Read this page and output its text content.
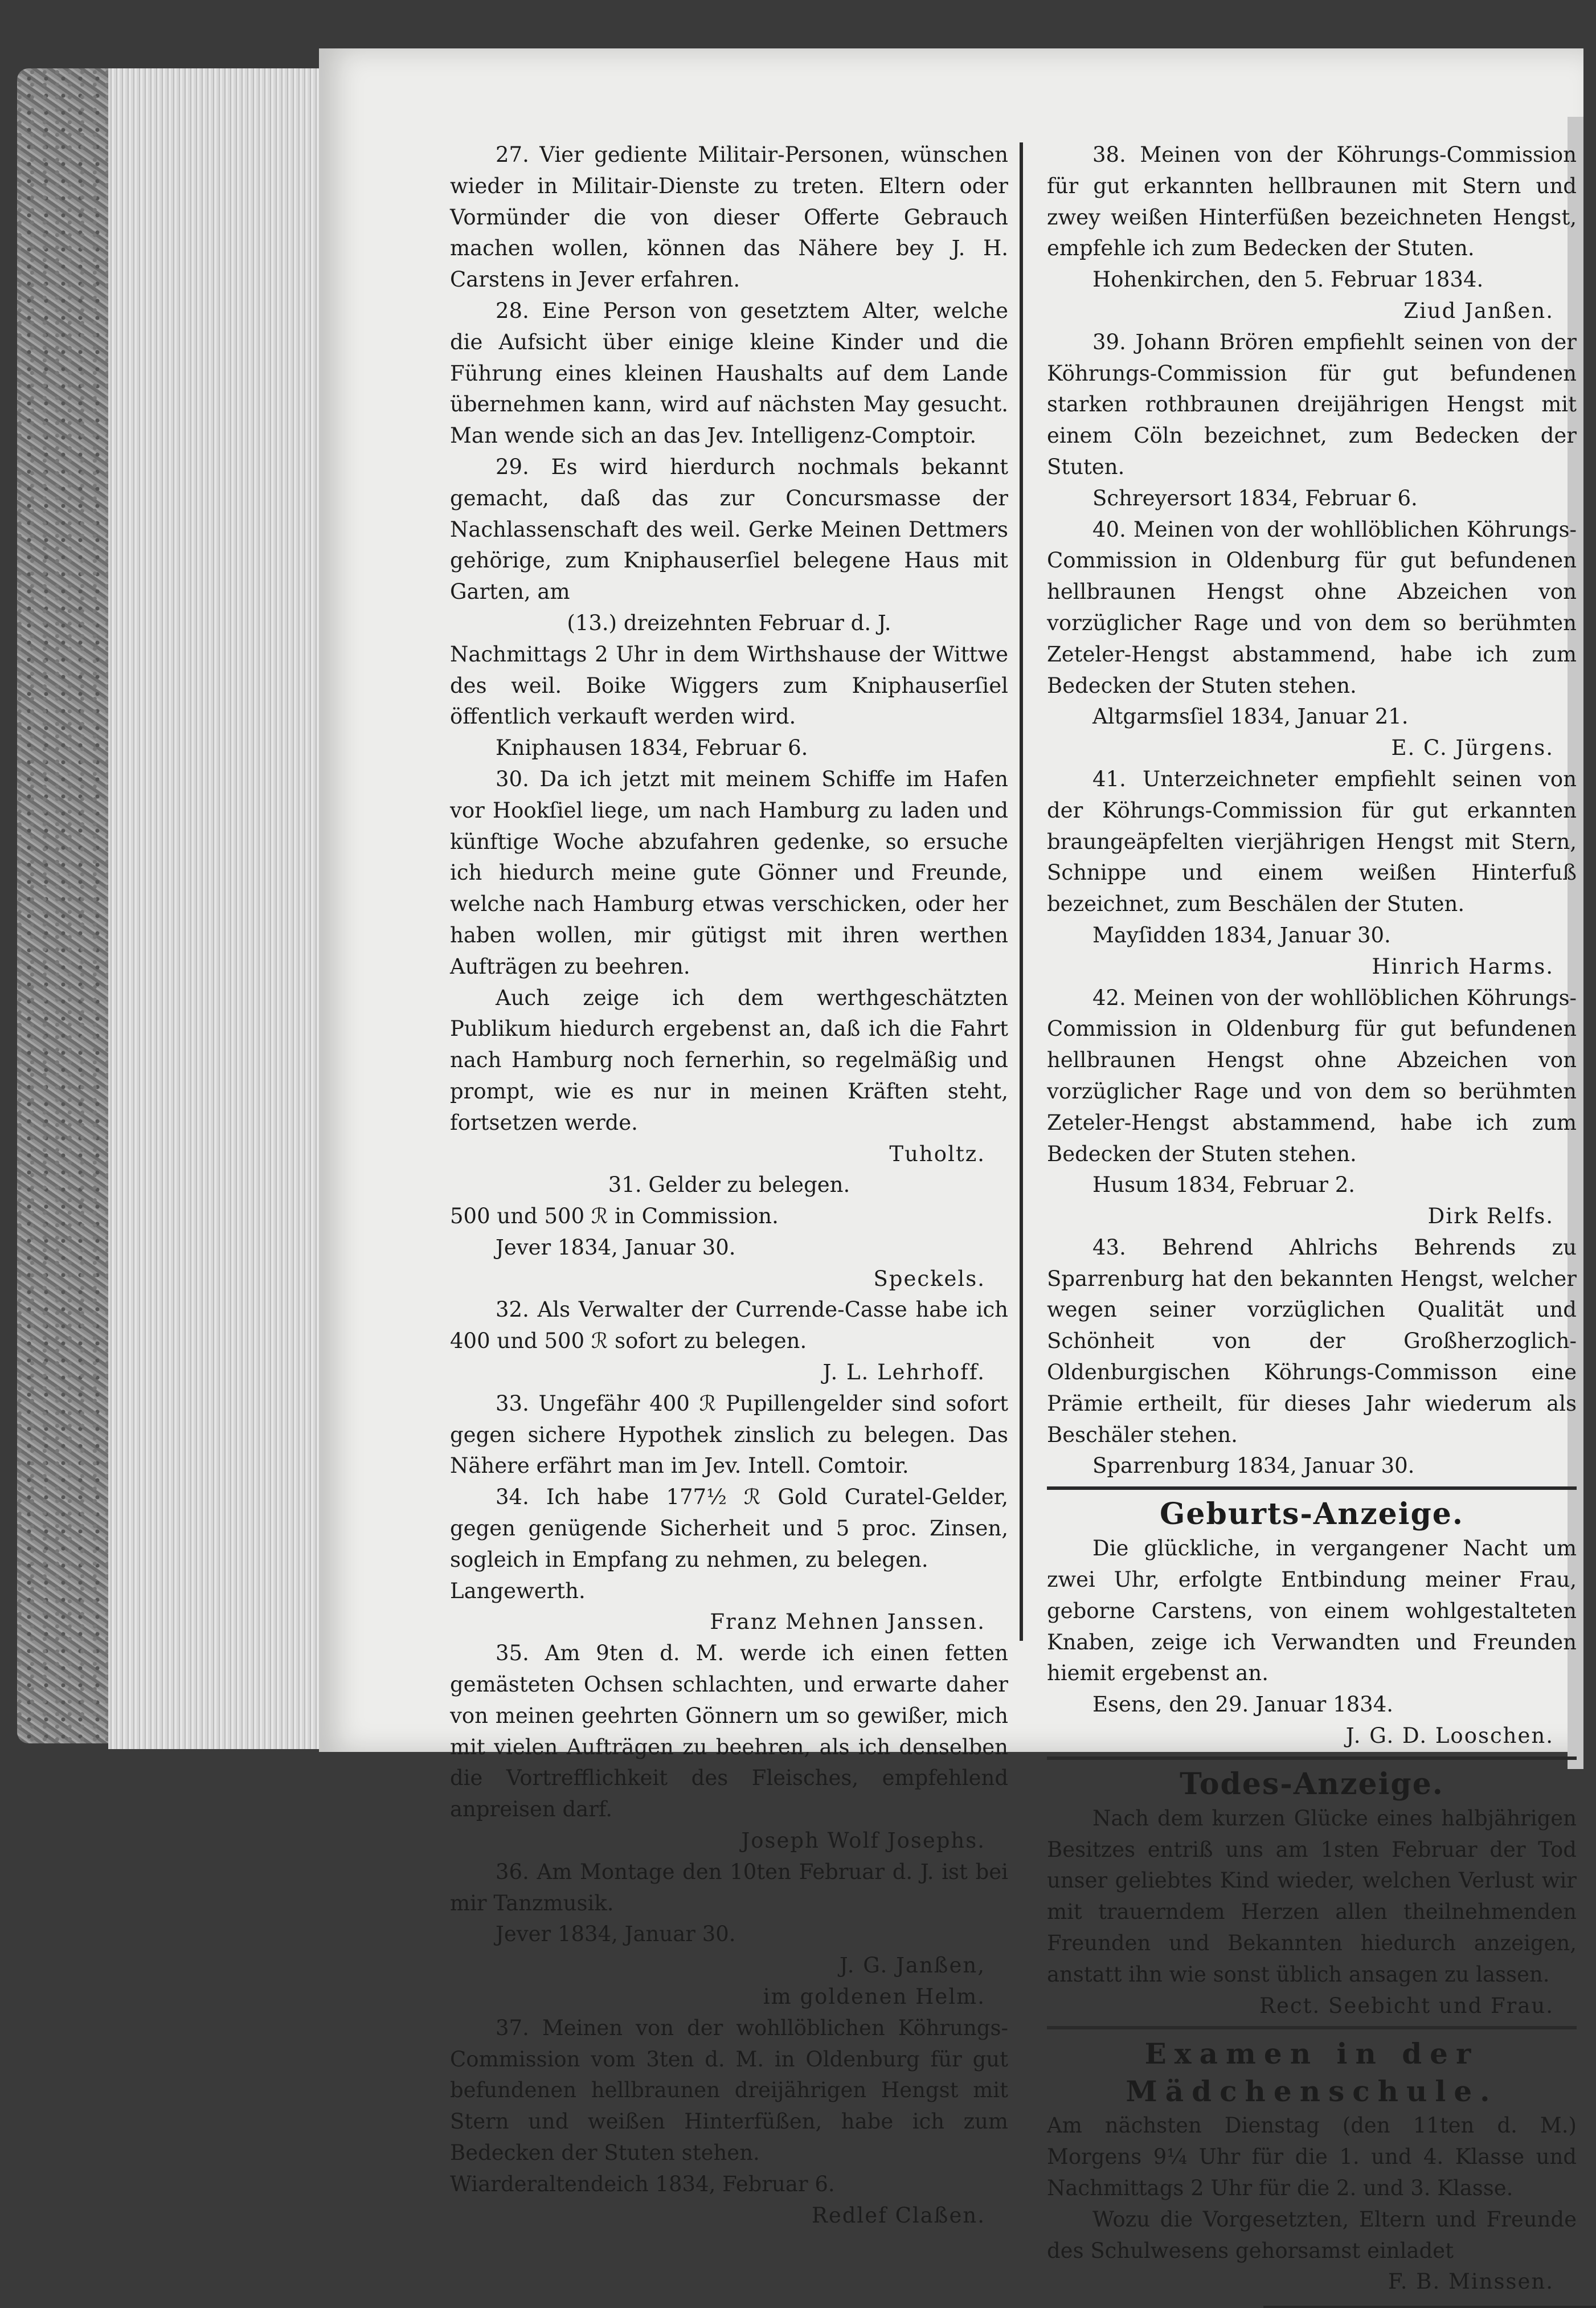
27. Vier gediente Militair-Personen, wünschen wieder in Militair-Dienste zu treten. Eltern oder Vormünder die von dieser Offerte Gebrauch machen wollen, können das Nähere bey J. H. Carstens in Jever erfahren.

28. Eine Person von gesetztem Alter, welche die Aufsicht über einige kleine Kinder und die Führung eines kleinen Haushalts auf dem Lande übernehmen kann, wird auf nächsten May gesucht. Man wende sich an das Jev. Intelligenz-Comptoir.

29. Es wird hierdurch nochmals bekannt gemacht, daß das zur Concursmasse der Nachlassenschaft des weil. Gerke Meinen Dettmers gehörige, zum Kniphauserſiel belegene Haus mit Garten, am

(13.) dreizehnten Februar d. J.

Nachmittags 2 Uhr in dem Wirthshause der Wittwe des weil. Boike Wiggers zum Kniphauserſiel öffentlich verkauft werden wird.

Kniphausen 1834, Februar 6.

30. Da ich jetzt mit meinem Schiffe im Hafen vor Hookſiel liege, um nach Hamburg zu laden und künftige Woche abzufahren gedenke, so ersuche ich hiedurch meine gute Gönner und Freunde, welche nach Hamburg etwas verschicken, oder her haben wollen, mir gütigst mit ihren werthen Aufträgen zu beehren.

Auch zeige ich dem werthgeschätzten Publikum hiedurch ergebenst an, daß ich die Fahrt nach Hamburg noch fernerhin, so regelmäßig und prompt, wie es nur in meinen Kräften steht, fortsetzen werde.

Tuholtz.

31. Gelder zu belegen.

500 und 500 ℛ in Commission.

Jever 1834, Januar 30.

Speckels.

32. Als Verwalter der Currende-Casse habe ich 400 und 500 ℛ sofort zu belegen.

J. L. Lehrhoff.

33. Ungefähr 400 ℛ Pupillengelder sind sofort gegen sichere Hypothek zinslich zu belegen. Das Nähere erfährt man im Jev. Intell. Comtoir.

34. Ich habe 177½ ℛ Gold Curatel-Gelder, gegen genügende Sicherheit und 5 proc. Zinsen, sogleich in Empfang zu nehmen, zu belegen.

Langewerth.

Franz Mehnen Janssen.

35. Am 9ten d. M. werde ich einen fetten gemästeten Ochsen schlachten, und erwarte daher von meinen geehrten Gönnern um so gewißer, mich mit vielen Aufträgen zu beehren, als ich denselben die Vortrefflichkeit des Fleisches, empfehlend anpreisen darf.

Joseph Wolf Josephs.

36. Am Montage den 10ten Februar d. J. ist bei mir Tanzmusik.

Jever 1834, Januar 30.

J. G. Janßen,

im goldenen Helm.

37. Meinen von der wohllöblichen Köhrungs-Commission vom 3ten d. M. in Oldenburg für gut befundenen hellbraunen dreijährigen Hengst mit Stern und weißen Hinterfüßen, habe ich zum Bedecken der Stuten stehen.

Wiarderaltendeich 1834, Februar 6.

Redlef Claßen.

38. Meinen von der Köhrungs-Commission für gut erkannten hellbraunen mit Stern und zwey weißen Hinterfüßen bezeichneten Hengst, empfehle ich zum Bedecken der Stuten.

Hohenkirchen, den 5. Februar 1834.

Ziud Janßen.

39. Johann Brören empfiehlt seinen von der Köhrungs-Commission für gut befundenen starken rothbraunen dreijährigen Hengst mit einem Cöln bezeichnet, zum Bedecken der Stuten.

Schreyersort 1834, Februar 6.

40. Meinen von der wohllöblichen Köhrungs-Commission in Oldenburg für gut befundenen hellbraunen Hengst ohne Abzeichen von vorzüglicher Rage und von dem so berühmten Zeteler-Hengst abstammend, habe ich zum Bedecken der Stuten stehen.

Altgarmsſiel 1834, Januar 21.

E. C. Jürgens.

41. Unterzeichneter empfiehlt seinen von der Köhrungs-Commission für gut erkannten braungeäpfelten vierjährigen Hengst mit Stern, Schnippe und einem weißen Hinterfuß bezeichnet, zum Beschälen der Stuten.

Mayſidden 1834, Januar 30.

Hinrich Harms.

42. Meinen von der wohllöblichen Köhrungs-Commission in Oldenburg für gut befundenen hellbraunen Hengst ohne Abzeichen von vorzüglicher Rage und von dem so berühmten Zeteler-Hengst abstammend, habe ich zum Bedecken der Stuten stehen.

Husum 1834, Februar 2.

Dirk Relfs.

43. Behrend Ahlrichs Behrends zu Sparrenburg hat den bekannten Hengst, welcher wegen seiner vorzüglichen Qualität und Schönheit von der Großherzoglich-Oldenburgischen Köhrungs-Commisson eine Prämie ertheilt, für dieses Jahr wiederum als Beschäler stehen.

Sparrenburg 1834, Januar 30.

Geburts-Anzeige.

Die glückliche, in vergangener Nacht um zwei Uhr, erfolgte Entbindung meiner Frau, geborne Carstens, von einem wohlgestalteten Knaben, zeige ich Verwandten und Freunden hiemit ergebenst an.

Esens, den 29. Januar 1834.

J. G. D. Looschen.

Todes-Anzeige.

Nach dem kurzen Glücke eines halbjährigen Besitzes entriß uns am 1sten Februar der Tod unser geliebtes Kind wieder, welchen Verlust wir mit trauerndem Herzen allen theilnehmenden Freunden und Bekannten hiedurch anzeigen, anstatt ihn wie sonst üblich ansagen zu lassen.

Rect. Seebicht und Frau.

Examen in der Mädchenschule.

Am nächsten Dienstag (den 11ten d. M.) Morgens 9¼ Uhr für die 1. und 4. Klasse und Nachmittags 2 Uhr für die 2. und 3. Klasse.

Wozu die Vorgesetzten, Eltern und Freunde des Schulwesens gehorsamst einladet

F. B. Minssen.
